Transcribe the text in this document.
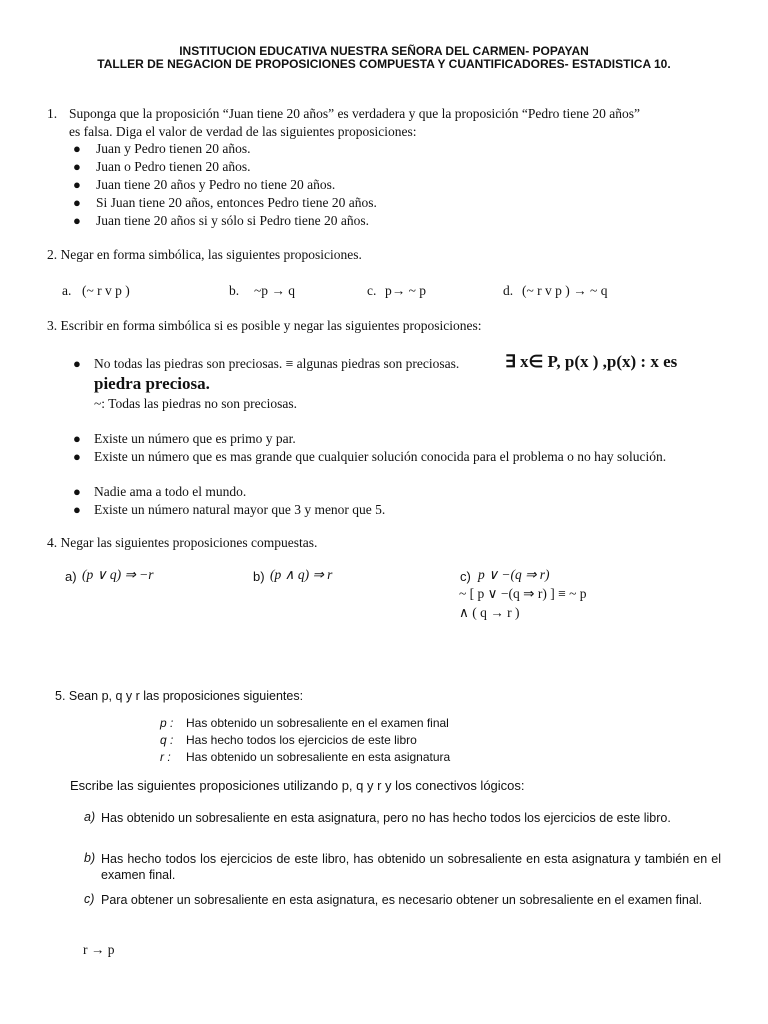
INSTITUCION EDUCATIVA NUESTRA SEÑORA DEL CARMEN- POPAYAN
TALLER DE NEGACION DE PROPOSICIONES COMPUESTA Y CUANTIFICADORES- ESTADISTICA 10.
1. Suponga que la proposición “Juan tiene 20 años” es verdadera y que la proposición “Pedro tiene 20 años”
es falsa. Diga el valor de verdad de las siguientes proposiciones:
● Juan y Pedro tienen 20 años.
● Juan o Pedro tienen 20 años.
● Juan tiene 20 años y Pedro no tiene 20 años.
● Si Juan tiene 20 años, entonces Pedro tiene 20 años.
● Juan tiene 20 años si y sólo si Pedro tiene 20 años.
2. Negar en forma simbólica, las siguientes proposiciones.
a. (~ r v p )	b. ~p → q	c. p→ ~ p	d. (~ r v p ) → ~ q
3. Escribir en forma simbólica si es posible y negar las siguientes proposiciones:
● No todas las piedras son preciosas. ≡ algunas piedras son preciosas.	∃ x∈ P, p(x ) ,p(x) : x es
piedra preciosa.
~: Todas las piedras no son preciosas.
● Existe un número que es primo y par.
● Existe un número que es mas grande que cualquier solución conocida para el problema o no hay solución.
● Nadie ama a todo el mundo.
● Existe un número natural mayor que 3 y menor que 5.
4. Negar las siguientes proposiciones compuestas.
a) (p ∨ q) ⇒ −r	b) (p ∧ q) ⇒ r	c) p ∨ −(q ⇒ r)
~ [ p ∨ −(q ⇒ r) ] ≡ ~ p
∧ ( q → r )
5. Sean p, q y r las proposiciones siguientes:
p : Has obtenido un sobresaliente en el examen final
q : Has hecho todos los ejercicios de este libro
r : Has obtenido un sobresaliente en esta asignatura
Escribe las siguientes proposiciones utilizando p, q y r y los conectivos lógicos:
a) Has obtenido un sobresaliente en esta asignatura, pero no has hecho todos los ejercicios de este libro.
b) Has hecho todos los ejercicios de este libro, has obtenido un sobresaliente en esta asignatura y también en el examen final.
c) Para obtener un sobresaliente en esta asignatura, es necesario obtener un sobresaliente en el examen final.
r → p
